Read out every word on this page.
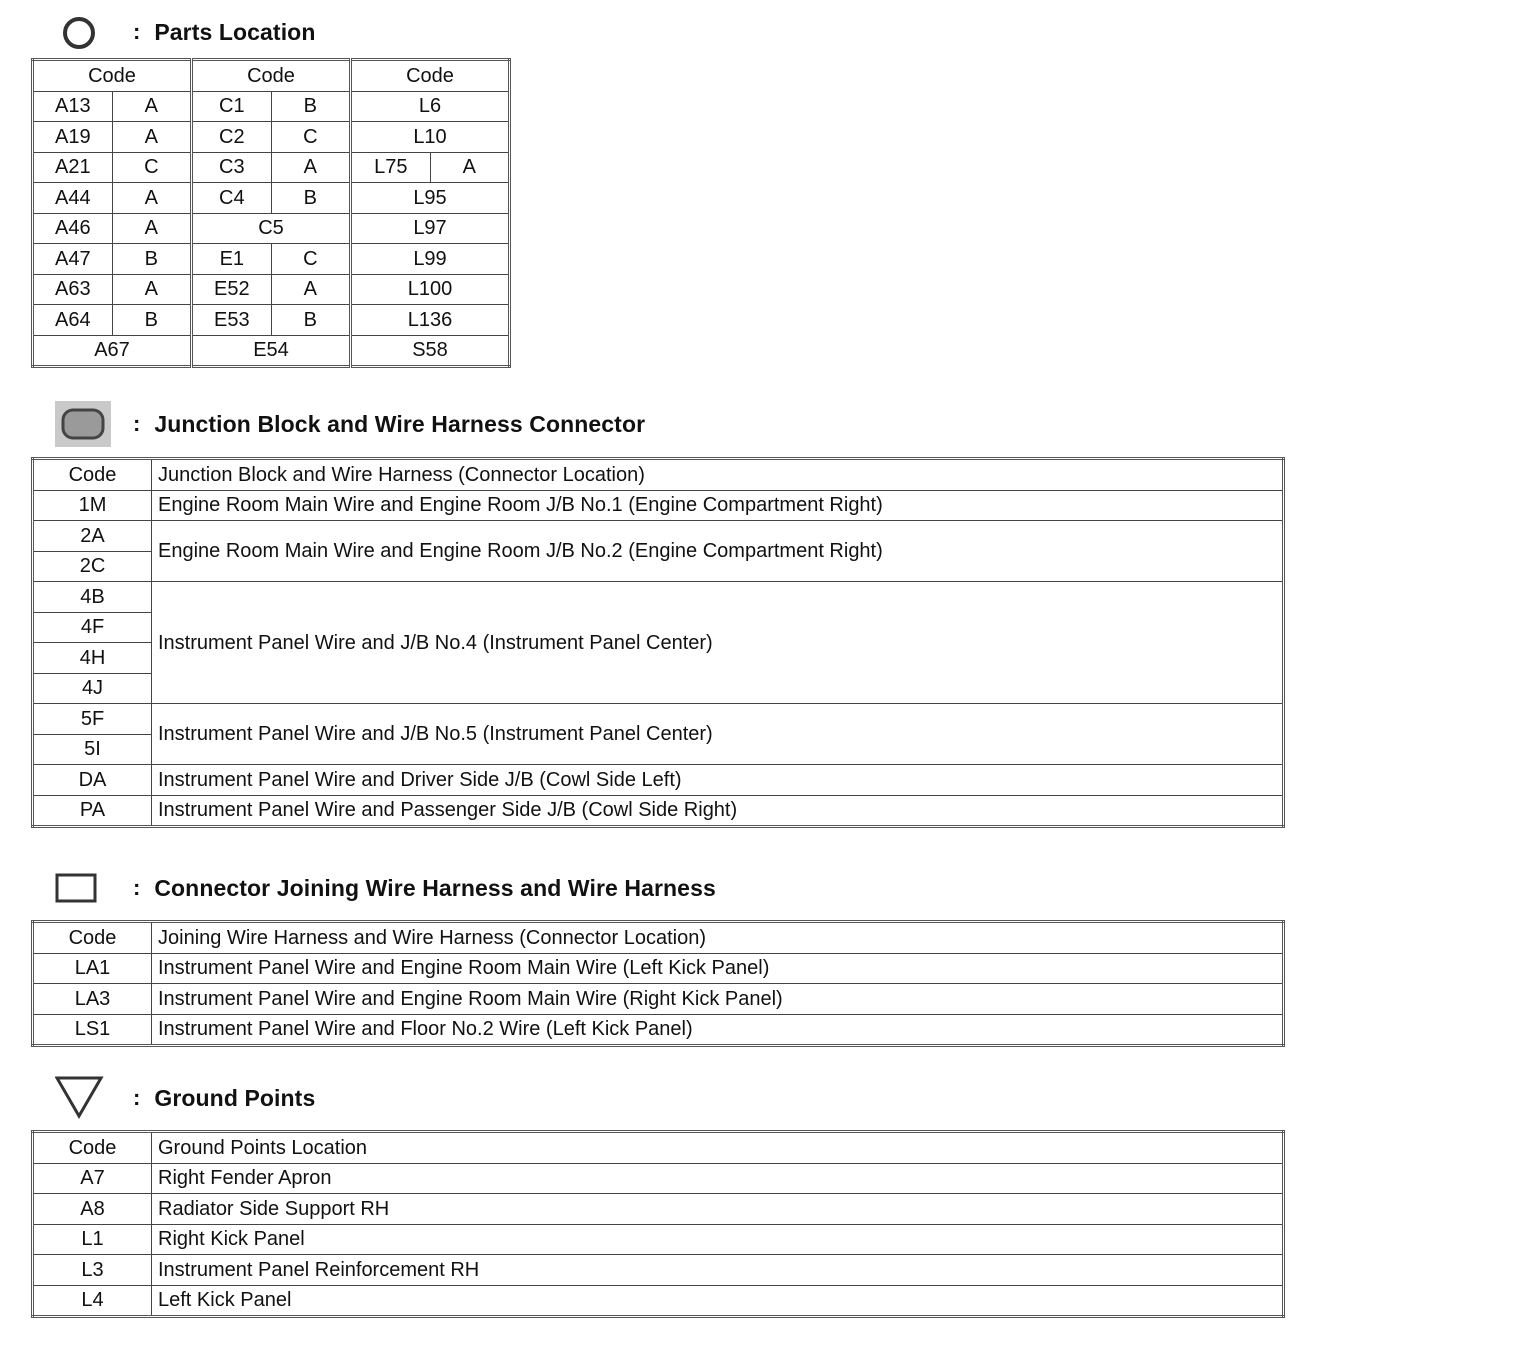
: Parts Location
Code		Code		Code	
A13	A	C1	B	L6	
A19	A	C2	C	L10	
A21	C	C3	A	L75	A
A44	A	C4	B	L95	
A46	A	C5		L97	
A47	B	E1	C	L99	
A63	A	E52	A	L100	
A64	B	E53	B	L136	
A67		E54		S58	
: Junction Block and Wire Harness Connector
Code	Junction Block and Wire Harness (Connector Location)
1M	Engine Room Main Wire and Engine Room J/B No.1 (Engine Compartment Right)
2A	Engine Room Main Wire and Engine Room J/B No.2 (Engine Compartment Right)
2C	
4B	Instrument Panel Wire and J/B No.4 (Instrument Panel Center)
4F	
4H	
4J	
5F	Instrument Panel Wire and J/B No.5 (Instrument Panel Center)
5I	
DA	Instrument Panel Wire and Driver Side J/B (Cowl Side Left)
PA	Instrument Panel Wire and Passenger Side J/B (Cowl Side Right)
: Connector Joining Wire Harness and Wire Harness
Code	Joining Wire Harness and Wire Harness (Connector Location)
LA1	Instrument Panel Wire and Engine Room Main Wire (Left Kick Panel)
LA3	Instrument Panel Wire and Engine Room Main Wire (Right Kick Panel)
LS1	Instrument Panel Wire and Floor No.2 Wire (Left Kick Panel)
: Ground Points
Code	Ground Points Location
A7	Right Fender Apron
A8	Radiator Side Support RH
L1	Right Kick Panel
L3	Instrument Panel Reinforcement RH
L4	Left Kick Panel
